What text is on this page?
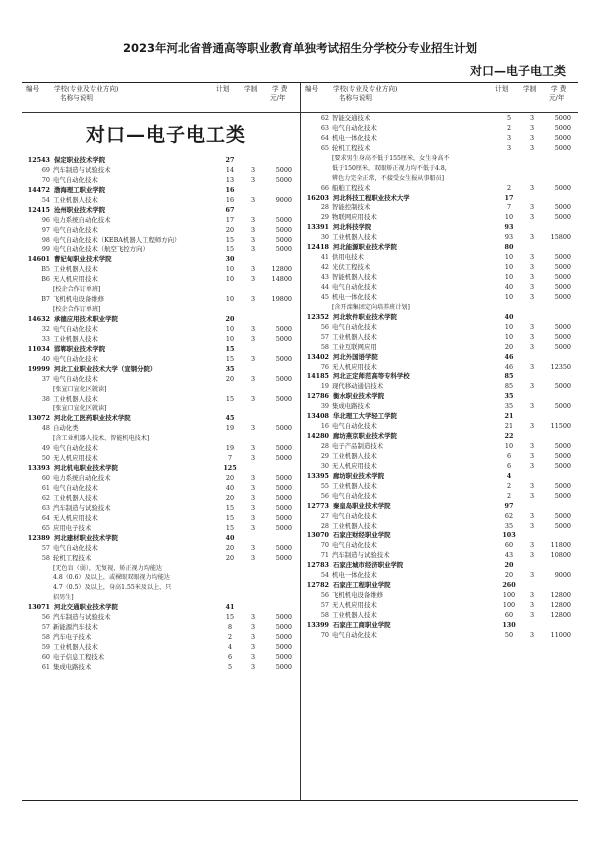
2023年河北省普通高等职业教育单独考试招生分学校分专业招生计划
对口—电子电工类
编号 学校(专业及专业方向)
名称与说明
计划 学制 学 费
元/年
编号 学校(专业及专业方向)
名称与说明
计划 学制 学 费
元/年
对口—电子电工类
12543 保定职业技术学院	27
69 汽车制造与试验技术	14	3	5000
70 电气自动化技术	13	3	5000
14472 渤海理工职业学院	16
54 工业机器人技术	16	3	9000
12415 沧州职业技术学院	67
96 电力系统自动化技术	17	3	5000
97 电气自动化技术	20	3	5000
98 电气自动化技术（KEBA机器人工程师方向）	15	3	5000
99 电气自动化技术（航空飞控方向）	15	3	5000
14601 曹妃甸职业技术学院	30
B5 工业机器人技术	10	3	12800
B6 无人机应用技术	10	3	14800
[校企合作订单班]
B7 飞机机电设备维修	10	3	19800
[校企合作订单班]
14632 承德应用技术职业学院	20
32 电气自动化技术	10	3	5000
33 工业机器人技术	10	3	5000
11034 邯郸职业技术学院	15
40 电气自动化技术	15	3	5000
19999 河北工业职业技术大学（宣钢分院）	35
37 电气自动化技术	20	3	5000
[张宣口宣化区就读]
38 工业机器人技术	15	3	5000
[张宣口宣化区就读]
13072 河北化工医药职业技术学院	45
48 自动化类	19	3	5000
[含工业机器人技术、智能机电技术]
49 电气自动化技术	19	3	5000
50 无人机应用技术	7	3	5000
13393 河北机电职业技术学院	125
60 电力系统自动化技术	20	3	5000
61 电气自动化技术	40	3	5000
62 工业机器人技术	20	3	5000
63 汽车制造与试验技术	15	3	5000
64 无人机应用技术	15	3	5000
65 应用电子技术	15	3	5000
12389 河北建材职业技术学院	40
57 电气自动化技术	20	3	5000
58 轮机工程技术	20	3	5000
[无色盲（弱），无复视，矫正视力均能达
4.8（0.6）及以上，或裸眼双眼视力均能达
4.7（0.5）及以上，身高1.55米及以上，只
招男生]
13071 河北交通职业技术学院	41
56 汽车制造与试验技术	15	3	5000
57 新能源汽车技术	8	3	5000
58 汽车电子技术	2	3	5000
59 工业机器人技术	4	3	5000
60 电子信息工程技术	6	3	5000
61 集成电路技术	5	3	5000
62 智能交通技术	5	3	5000
63 电气自动化技术	2	3	5000
64 机电一体化技术	3	3	5000
65 轮机工程技术	3	3	5000
[要求男生身高不低于155厘米，女生身高不
低于150厘米，双眼矫正视力均不低于4.8，
辨色力完全正常，不接受女生报从事船员]
66 船舶工程技术	2	3	5000
16203 河北科技工程职业技术大学	17
28 智能控制技术	7	3	5000
29 物联网应用技术	10	3	5000
13391 河北科技学院	93
30 工业机器人技术	93	3	15800
12418 河北能源职业技术学院	80
41 供用电技术	10	3	5000
42 光伏工程技术	10	3	5000
43 智能机器人技术	10	3	5000
44 电气自动化技术	40	3	5000
45 机电一体化技术	10	3	5000
[含开滦集团定向培养班计划]
12352 河北软件职业技术学院	40
56 电气自动化技术	10	3	5000
57 工业机器人技术	10	3	5000
58 工业互联网应用	20	3	5000
13402 河北外国语学院	46
76 无人机应用技术	46	3	12350
14185 河北正定师范高等专科学校	85
19 现代移动通信技术	85	3	5000
12786 衡水职业技术学院	35
39 集成电路技术	35	3	5000
13408 华北理工大学轻工学院	21
16 电气自动化技术	21	3	11500
14280 廊坊燕京职业技术学院	22
28 电子产品制造技术	10	3	5000
29 工业机器人技术	6	3	5000
30 无人机应用技术	6	3	5000
13395 廊坊职业技术学院	4
55 工业机器人技术	2	3	5000
56 电气自动化技术	2	3	5000
12773 秦皇岛职业技术学院	97
27 电气自动化技术	62	3	5000
28 工业机器人技术	35	3	5000
13070 石家庄财经职业学院	103
70 电气自动化技术	60	3	11800
71 汽车制造与试验技术	43	3	10800
12783 石家庄城市经济职业学院	20
54 机电一体化技术	20	3	9000
12782 石家庄工程职业学院	260
56 飞机机电设备维修	100	3	12800
57 无人机应用技术	100	3	12800
58 工业机器人技术	60	3	12800
13399 石家庄工商职业学院	130
70 电气自动化技术	50	3	11000
